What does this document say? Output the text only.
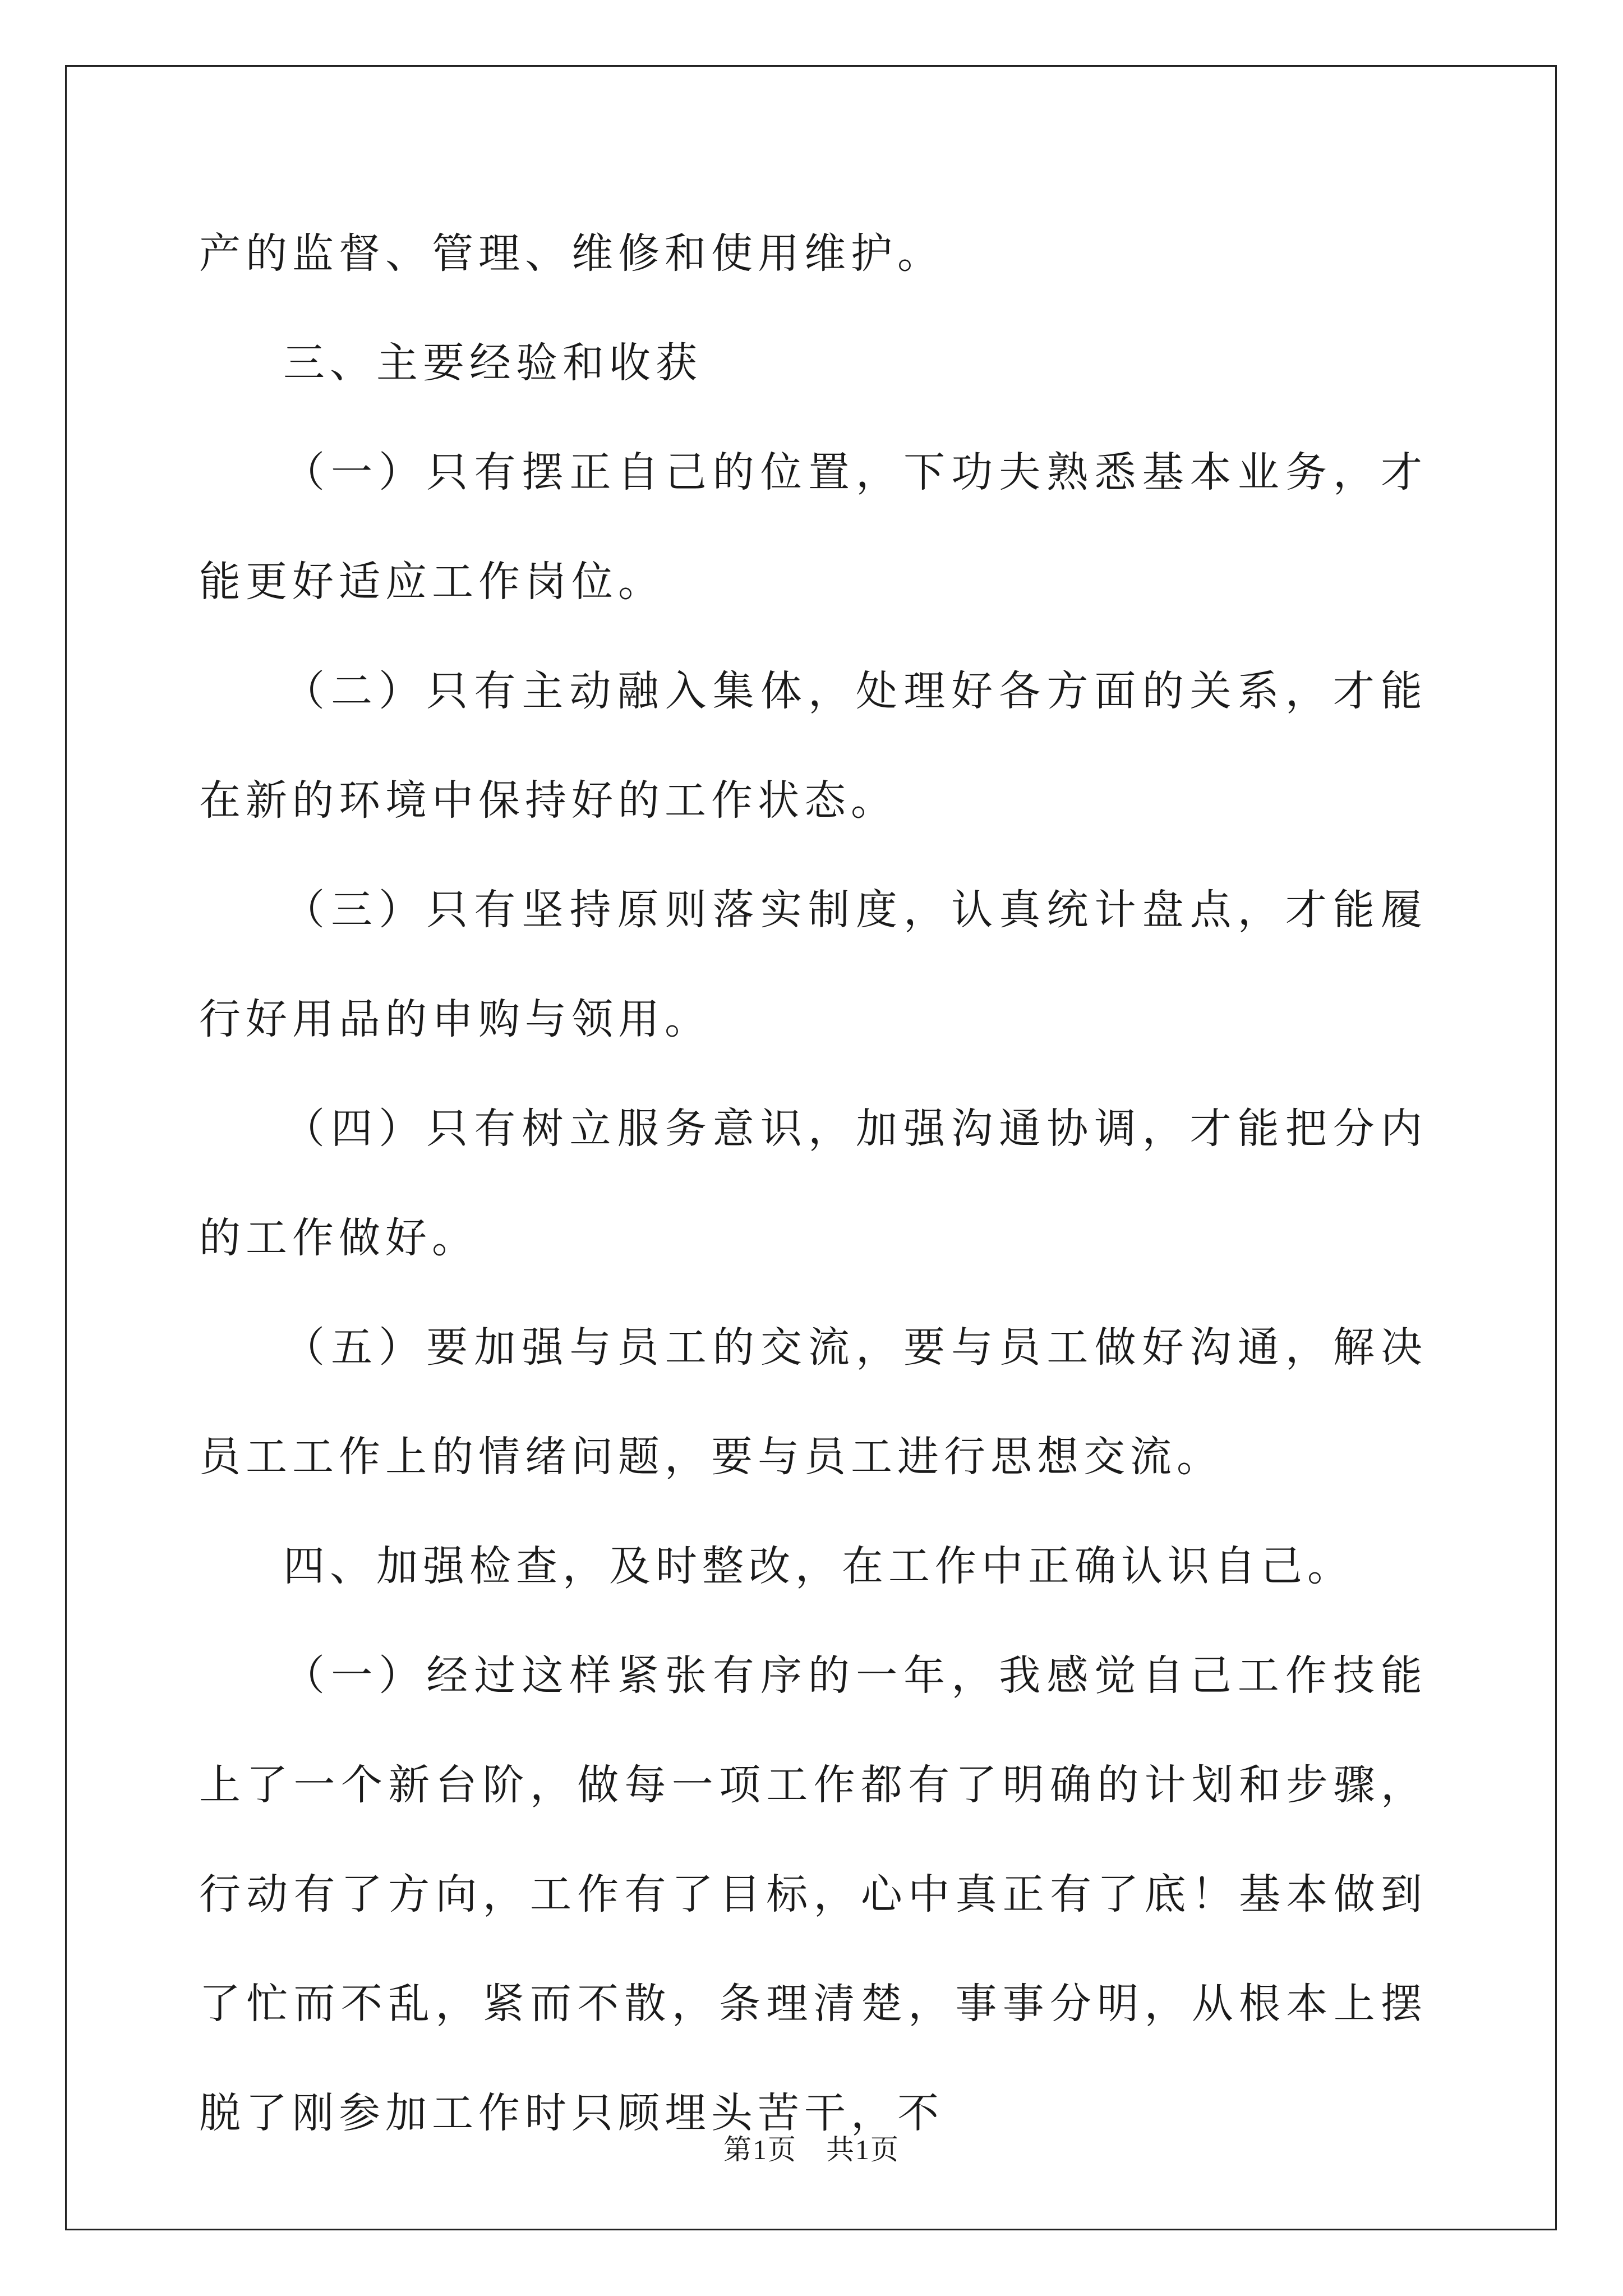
产的监督、管理、维修和使用维护。

三、主要经验和收获

（一）只有摆正自己的位置，下功夫熟悉基本业务，才能更好适应工作岗位。

（二）只有主动融入集体，处理好各方面的关系，才能在新的环境中保持好的工作状态。

（三）只有坚持原则落实制度，认真统计盘点，才能履行好用品的申购与领用。

（四）只有树立服务意识，加强沟通协调，才能把分内的工作做好。

（五）要加强与员工的交流，要与员工做好沟通，解决员工工作上的情绪问题，要与员工进行思想交流。

四、加强检查，及时整改，在工作中正确认识自己。

（一）经过这样紧张有序的一年，我感觉自己工作技能上了一个新台阶，做每一项工作都有了明确的计划和步骤，行动有了方向，工作有了目标，心中真正有了底！基本做到了忙而不乱，紧而不散，条理清楚，事事分明，从根本上摆脱了刚参加工作时只顾埋头苦干，不

第1页　共1页
